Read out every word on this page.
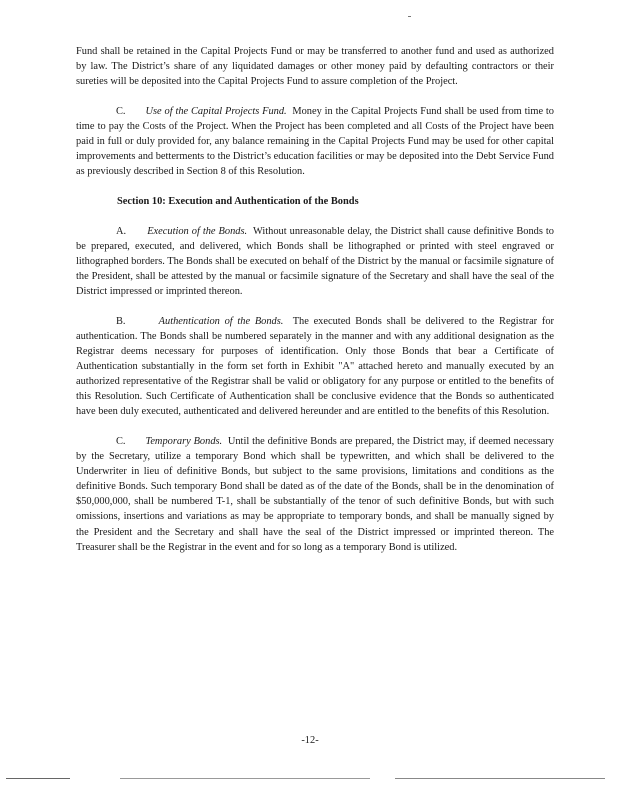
Fund shall be retained in the Capital Projects Fund or may be transferred to another fund and used as authorized by law. The District’s share of any liquidated damages or other money paid by defaulting contractors or their sureties will be deposited into the Capital Projects Fund to assure completion of the Project.

C. Use of the Capital Projects Fund. Money in the Capital Projects Fund shall be used from time to time to pay the Costs of the Project. When the Project has been completed and all Costs of the Project have been paid in full or duly provided for, any balance remaining in the Capital Projects Fund may be used for other capital improvements and betterments to the District’s education facilities or may be deposited into the Debt Service Fund as previously described in Section 8 of this Resolution.

Section 10: Execution and Authentication of the Bonds

A. Execution of the Bonds. Without unreasonable delay, the District shall cause definitive Bonds to be prepared, executed, and delivered, which Bonds shall be lithographed or printed with steel engraved or lithographed borders. The Bonds shall be executed on behalf of the District by the manual or facsimile signature of the President, shall be attested by the manual or facsimile signature of the Secretary and shall have the seal of the District impressed or imprinted thereon.

B.	Authentication of the Bonds. The executed Bonds shall be delivered to the Registrar for authentication. The Bonds shall be numbered separately in the manner and with any additional designation as the Registrar deems necessary for purposes of identification. Only those Bonds that bear a Certificate of Authentication substantially in the form set forth in Exhibit "A" attached hereto and manually executed by an authorized representative of the Registrar shall be valid or obligatory for any purpose or entitled to the benefits of this Resolution. Such Certificate of Authentication shall be conclusive evidence that the Bonds so authenticated have been duly executed, authenticated and delivered hereunder and are entitled to the benefits of this Resolution.

C. Temporary Bonds. Until the definitive Bonds are prepared, the District may, if deemed necessary by the Secretary, utilize a temporary Bond which shall be typewritten, and which shall be delivered to the Underwriter in lieu of definitive Bonds, but subject to the same provisions, limitations and conditions as the definitive Bonds. Such temporary Bond shall be dated as of the date of the Bonds, shall be in the denomination of $50,000,000, shall be numbered T-1, shall be substantially of the tenor of such definitive Bonds, but with such omissions, insertions and variations as may be appropriate to temporary bonds, and shall be manually signed by the President and the Secretary and shall have the seal of the District impressed or imprinted thereon. The Treasurer shall be the Registrar in the event and for so long as a temporary Bond is utilized.

-12-
